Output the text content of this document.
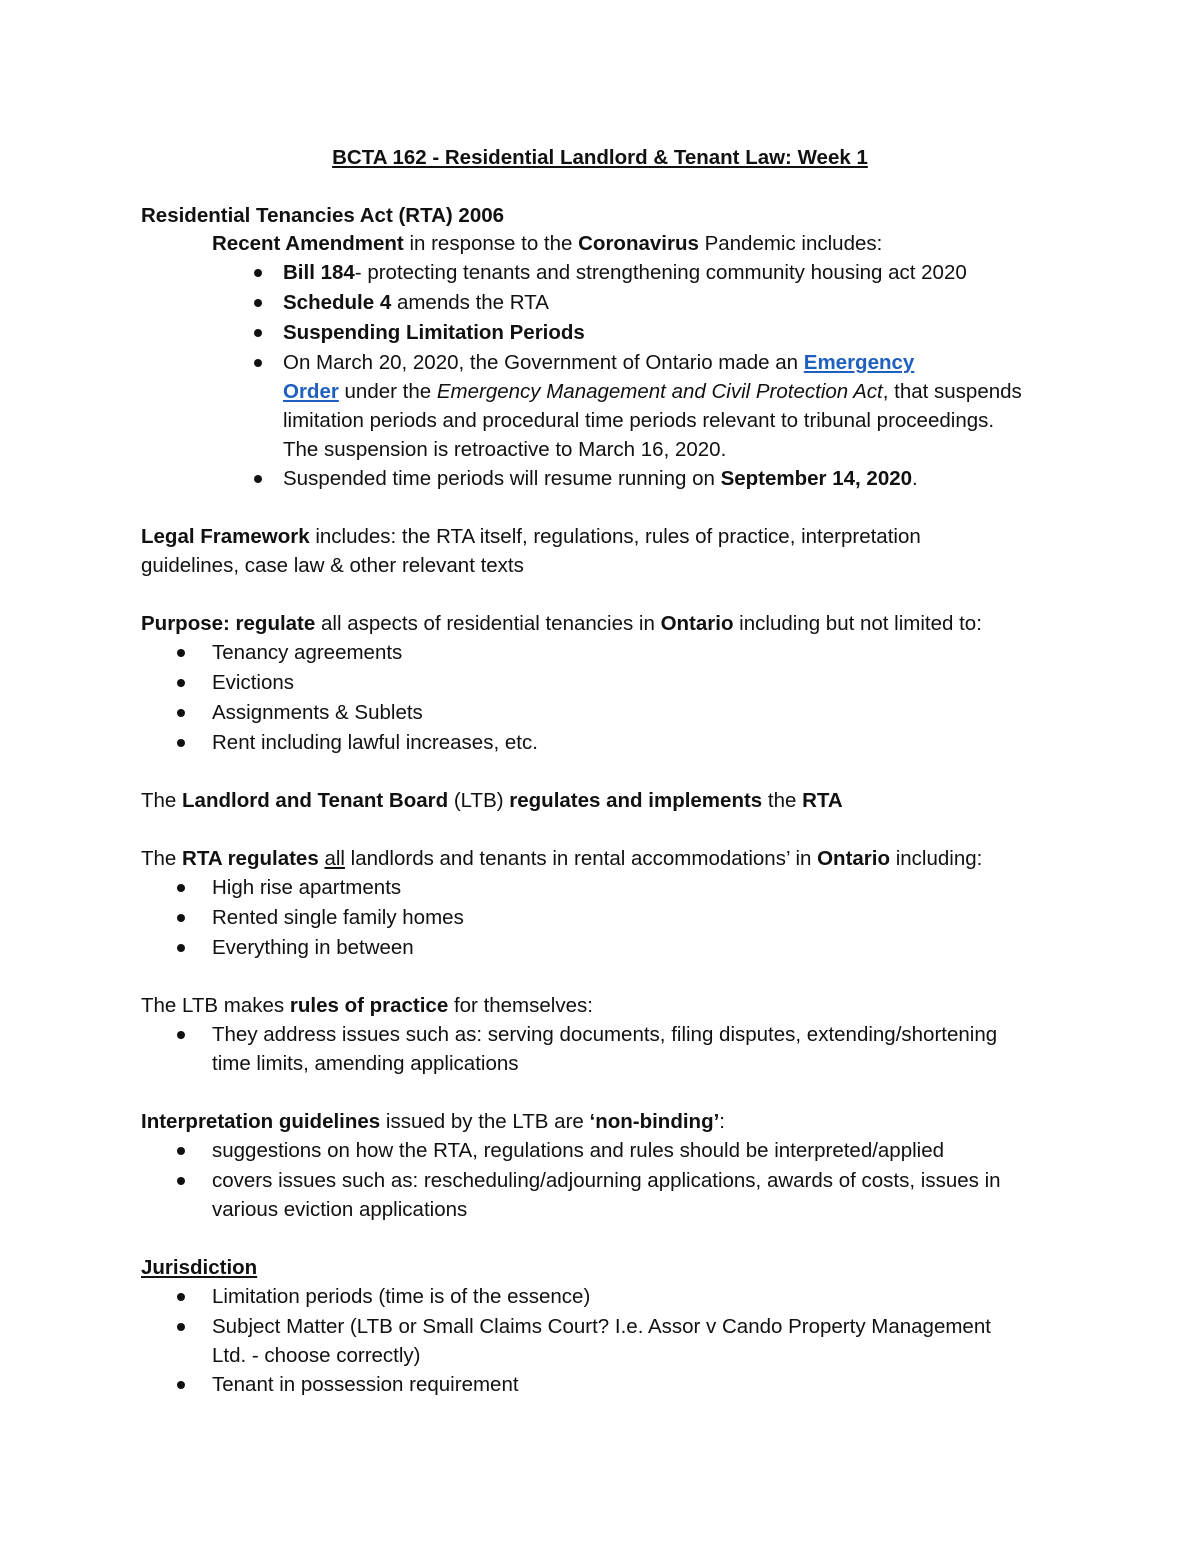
BCTA 162 - Residential Landlord & Tenant Law: Week 1
Residential Tenancies Act (RTA) 2006
Recent Amendment in response to the Coronavirus Pandemic includes:
Bill 184- protecting tenants and strengthening community housing act 2020
Schedule 4 amends the RTA
Suspending Limitation Periods
On March 20, 2020, the Government of Ontario made an Emergency
Order under the Emergency Management and Civil Protection Act, that suspends
limitation periods and procedural time periods relevant to tribunal proceedings.
The suspension is retroactive to March 16, 2020.
Suspended time periods will resume running on September 14, 2020.
Legal Framework includes: the RTA itself, regulations, rules of practice, interpretation
guidelines, case law & other relevant texts
Purpose: regulate all aspects of residential tenancies in Ontario including but not limited to:
Tenancy agreements
Evictions
Assignments & Sublets
Rent including lawful increases, etc.
The Landlord and Tenant Board (LTB) regulates and implements the RTA
The RTA regulates all landlords and tenants in rental accommodations’ in Ontario including:
High rise apartments
Rented single family homes
Everything in between
The LTB makes rules of practice for themselves:
They address issues such as: serving documents, filing disputes, extending/shortening
time limits, amending applications
Interpretation guidelines issued by the LTB are ‘non-binding’:
suggestions on how the RTA, regulations and rules should be interpreted/applied
covers issues such as: rescheduling/adjourning applications, awards of costs, issues in
various eviction applications
Jurisdiction
Limitation periods (time is of the essence)
Subject Matter (LTB or Small Claims Court? I.e. Assor v Cando Property Management
Ltd. - choose correctly)
Tenant in possession requirement
